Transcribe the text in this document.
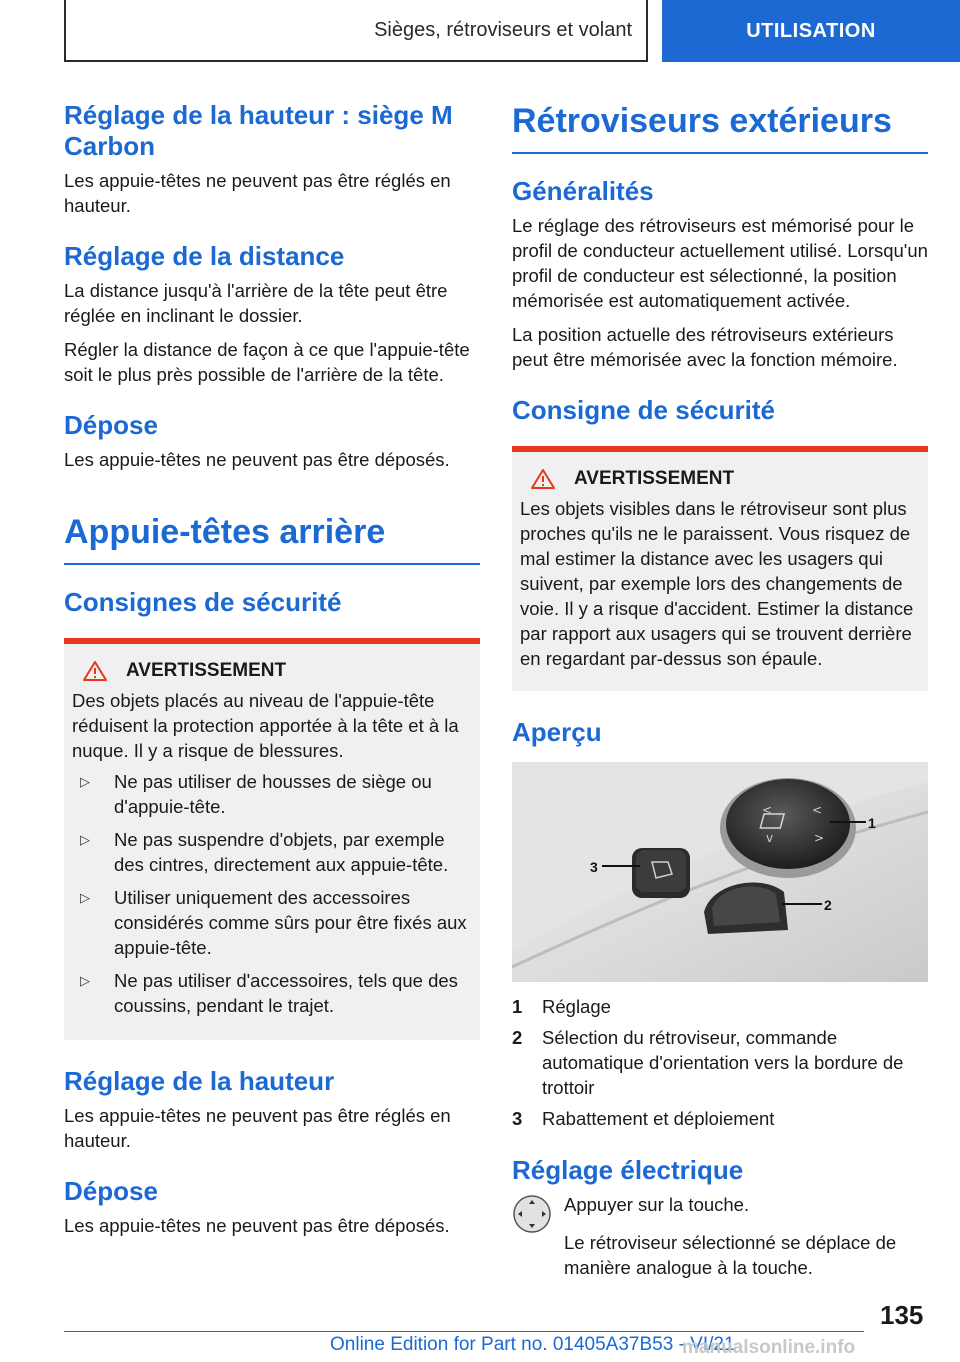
Sièges, rétroviseurs et volant	UTILISATION
Réglage de la hauteur : siège M Carbon

Les appuie-têtes ne peuvent pas être réglés en hauteur.

Réglage de la distance

La distance jusqu'à l'arrière de la tête peut être réglée en inclinant le dossier.

Régler la distance de façon à ce que l'appuie-tête soit le plus près possible de l'arrière de la tête.

Dépose

Les appuie-têtes ne peuvent pas être déposés.

Appuie-têtes arrière
Consignes de sécurité
AVERTISSEMENT

Des objets placés au niveau de l'appuie-tête réduisent la protection apportée à la tête et à la nuque. Il y a risque de blessures.

▷	Ne pas utiliser de housses de siège ou d'appuie-tête.
▷	Ne pas suspendre d'objets, par exemple des cintres, directement aux appuie-tête.
▷	Utiliser uniquement des accessoires considérés comme sûrs pour être fixés aux appuie-tête.
▷	Ne pas utiliser d'accessoires, tels que des coussins, pendant le trajet.
Réglage de la hauteur

Les appuie-têtes ne peuvent pas être réglés en hauteur.

Dépose

Les appuie-têtes ne peuvent pas être déposés.

Rétroviseurs extérieurs
Généralités

Le réglage des rétroviseurs est mémorisé pour le profil de conducteur actuellement utilisé. Lorsqu'un profil de conducteur est sélectionné, la position mémorisée est automatiquement activée.

La position actuelle des rétroviseurs extérieurs peut être mémorisée avec la fonction mémoire.

Consigne de sécurité
AVERTISSEMENT

Les objets visibles dans le rétroviseur sont plus proches qu'ils ne le paraissent. Vous risquez de mal estimer la distance avec les usagers qui suivent, par exemple lors des changements de voie. Il y a risque d'accident. Estimer la distance par rapport aux usagers qui se trouvent derrière en regardant par-dessus son épaule.

Aperçu
<	<
v	>
1
2
3
1	Réglage
2	Sélection du rétroviseur, commande automatique d'orientation vers la bordure de trottoir
3	Rabattement et déploiement
Réglage électrique

Appuyer sur la touche.

Le rétroviseur sélectionné se déplace de manière analogue à la touche.

135
Online Edition for Part no. 01405A37B53 - VI/21
manualsonline.info
